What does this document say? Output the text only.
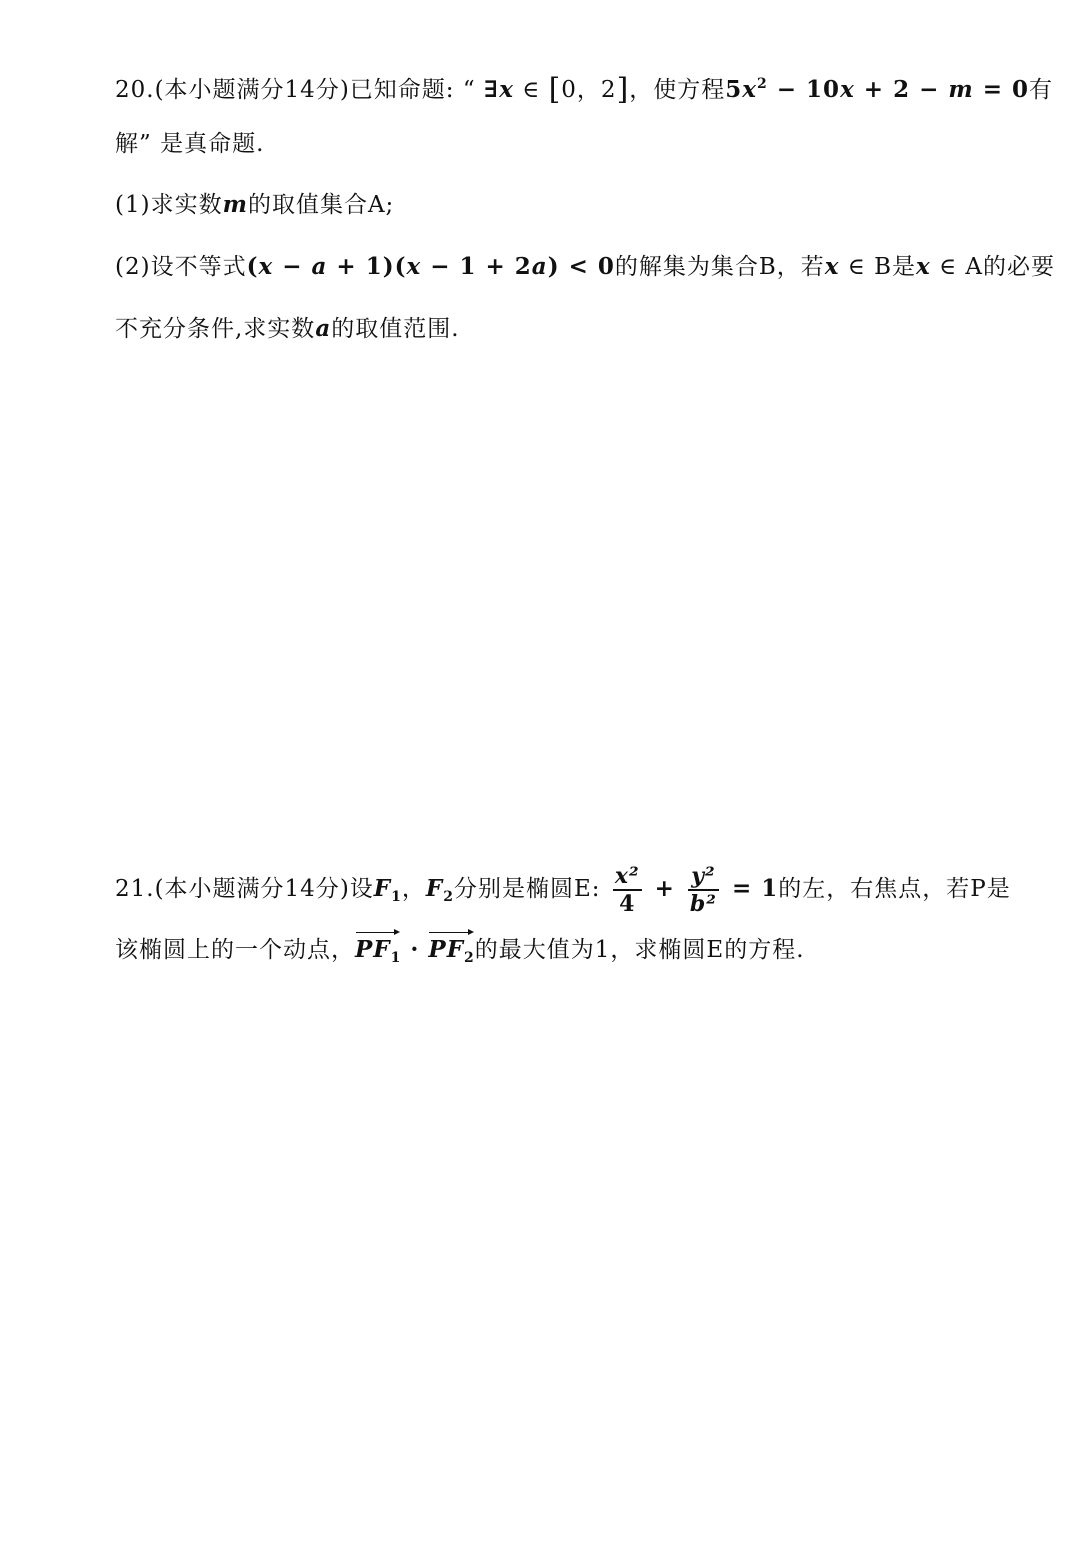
20.(本小题满分14分)已知命题: “ ∃x ∈ [0，2]，使方程$5x^2 - 10x + 2 - m = 0$有
解” 是真命题.
(1)求实数m的取值集合A;
(2)设不等式(x − a + 1)(x − 1 + 2a) < 0的解集为集合B，若x ∈ B是x ∈ A的必要
不充分条件,求实数a的取值范围.
21.(本小题满分14分)设$F_1$，$F_2$分别是椭圆E: $\frac{\text{x²}}{4} + \frac{\text{y²}}{\text{b²}} = 1$的左，右焦点，若P是
该椭圆上的一个动点，$PF_1 \cdot PF_2$的最大值为1，求椭圆E的方程.
